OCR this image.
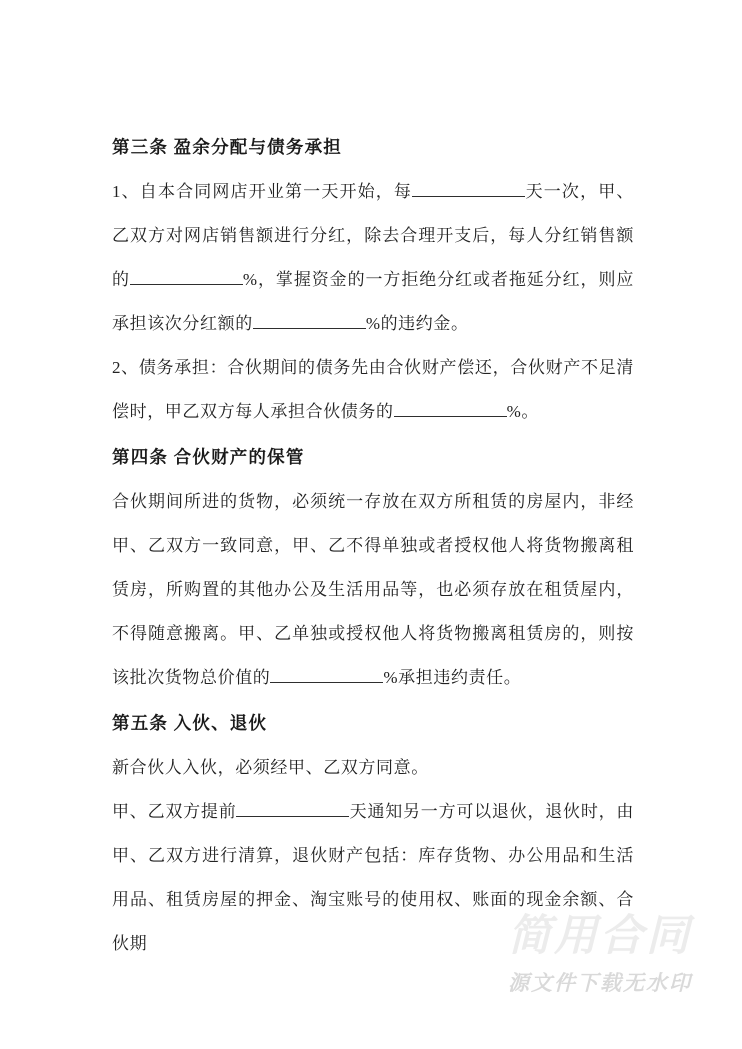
第三条 盈余分配与债务承担

1、自本合同网店开业第一天开始，每	天一次，甲、乙双方对网店销售额进行分红，除去合理开支后，每人分红销售额的	%，掌握资金的一方拒绝分红或者拖延分红，则应承担该次分红额的	%的违约金。

2、债务承担：合伙期间的债务先由合伙财产偿还，合伙财产不足清偿时，甲乙双方每人承担合伙债务的	%。

第四条 合伙财产的保管

合伙期间所进的货物，必须统一存放在双方所租赁的房屋内，非经甲、乙双方一致同意，甲、乙不得单独或者授权他人将货物搬离租赁房，所购置的其他办公及生活用品等，也必须存放在租赁屋内，不得随意搬离。甲、乙单独或授权他人将货物搬离租赁房的，则按该批次货物总价值的	%承担违约责任。

第五条 入伙、退伙

新合伙人入伙，必须经甲、乙双方同意。

甲、乙双方提前	天通知另一方可以退伙，退伙时，由甲、乙双方进行清算，退伙财产包括：库存货物、办公用品和生活用品、租赁房屋的押金、淘宝账号的使用权、账面的现金余额、合伙期	简用合同
源文件下载无水印
